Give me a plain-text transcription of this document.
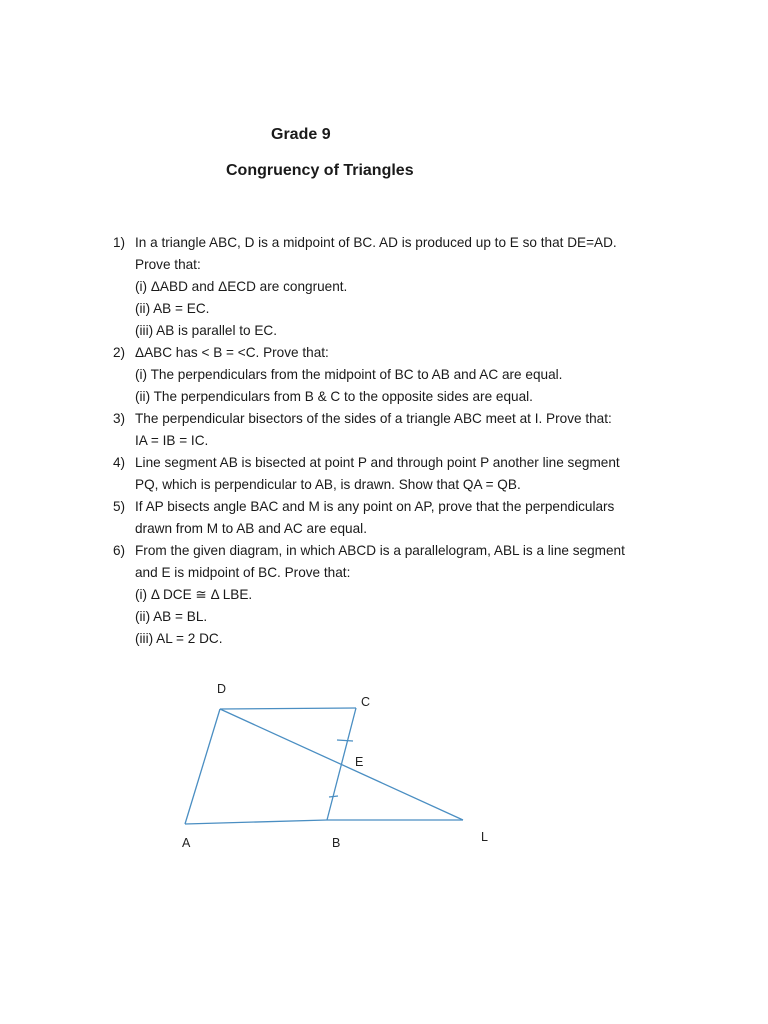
Grade 9
Congruency of Triangles
1) In a triangle ABC, D is a midpoint of BC. AD is produced up to E so that DE=AD.
Prove that:
(i) ΔABD and ΔECD are congruent.
(ii) AB = EC.
(iii) AB is parallel to EC.
2) ΔABC has < B = <C. Prove that:
(i) The perpendiculars from the midpoint of BC to AB and AC are equal.
(ii) The perpendiculars from B & C to the opposite sides are equal.
3) The perpendicular bisectors of the sides of a triangle ABC meet at I. Prove that:
IA = IB = IC.
4) Line segment AB is bisected at point P and through point P another line segment
PQ, which is perpendicular to AB, is drawn. Show that QA = QB.
5) If AP bisects angle BAC and M is any point on AP, prove that the perpendiculars
drawn from M to AB and AC are equal.
6) From the given diagram, in which ABCD is a parallelogram, ABL is a line segment
and E is midpoint of BC. Prove that:
(i) Δ DCE ≅ Δ LBE.
(ii) AB = BL.
(iii) AL = 2 DC.
D
C
E
A	B	L
